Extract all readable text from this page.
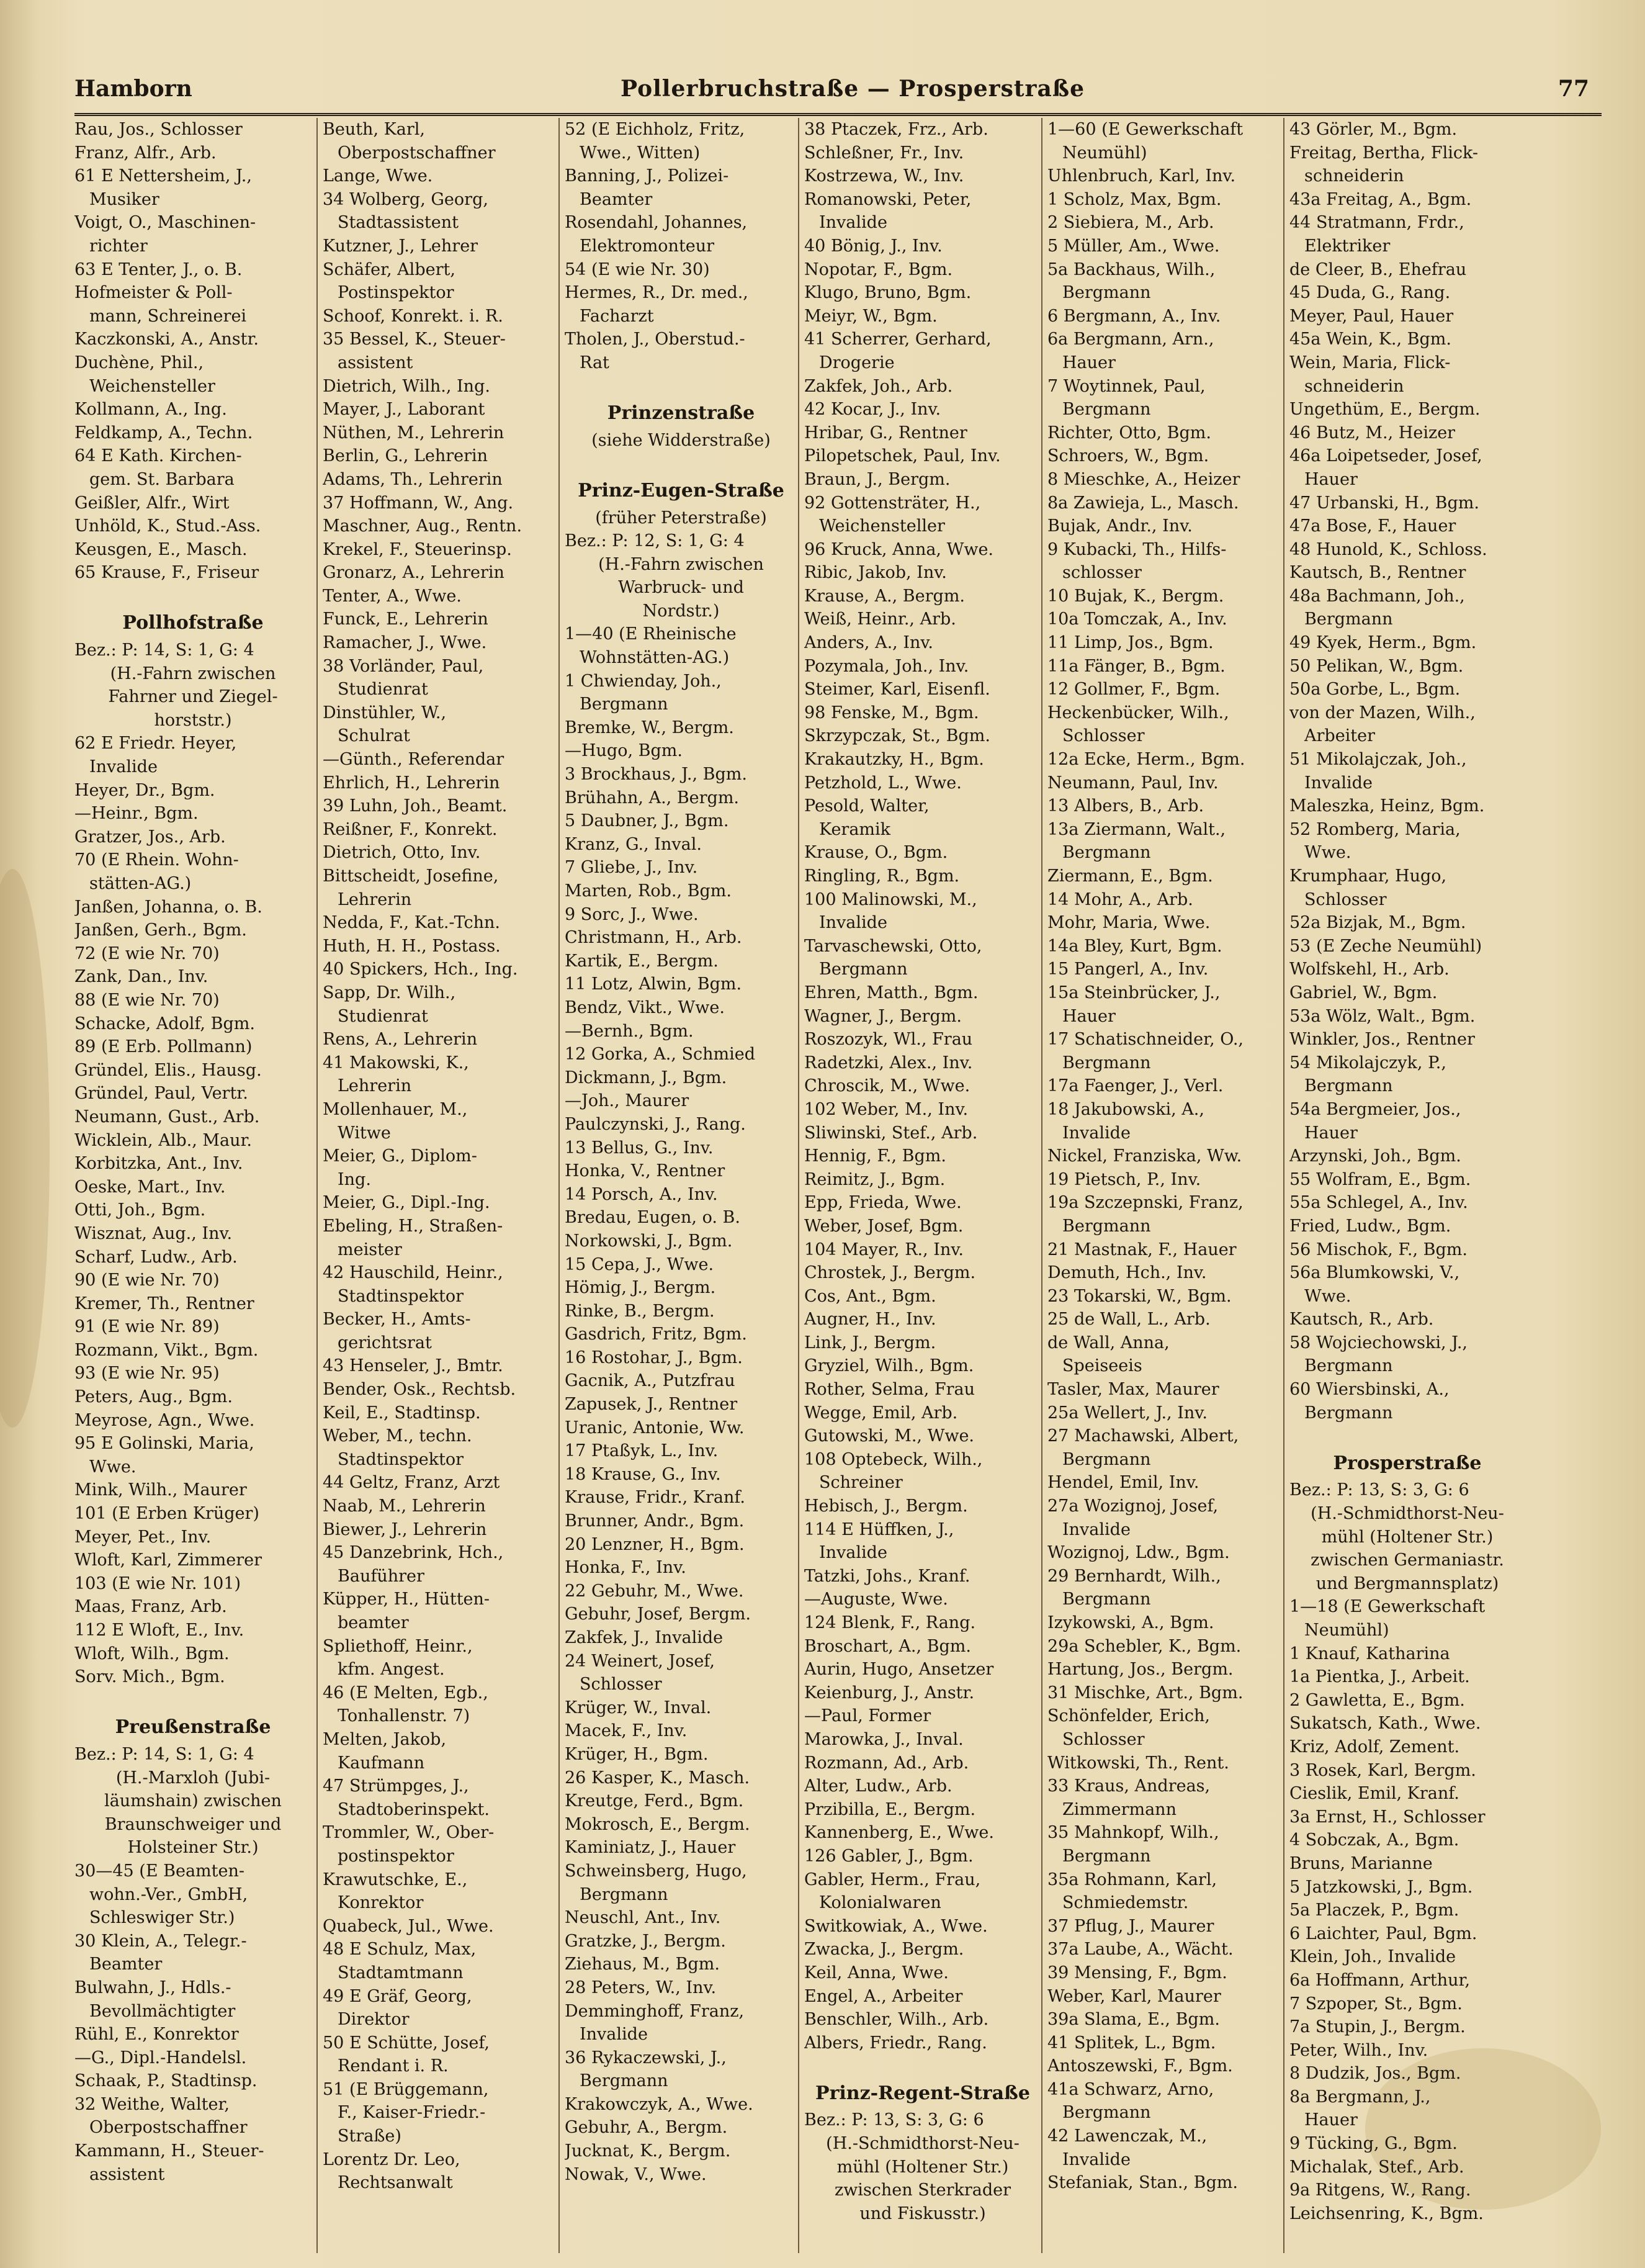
Hamborn	Pollerbruchstraße — Prosperstraße	77
Rau, Jos., Schlosser
Franz, Alfr., Arb.
61 E Nettersheim, J.,
Musiker
Voigt, O., Maschinen-
richter
63 E Tenter, J., o. B.
Hofmeister & Poll-
mann, Schreinerei
Kaczkonski, A., Anstr.
Duchène, Phil.,
Weichensteller
Kollmann, A., Ing.
Feldkamp, A., Techn.
64 E Kath. Kirchen-
gem. St. Barbara
Geißler, Alfr., Wirt
Unhöld, K., Stud.-Ass.
Keusgen, E., Masch.
65 Krause, F., Friseur
Pollhofstraße
Bez.: P: 14, S: 1, G: 4
(H.-Fahrn zwischen
Fahrner und Ziegel-
horststr.)
62 E Friedr. Heyer,
Invalide
Heyer, Dr., Bgm.
—Heinr., Bgm.
Gratzer, Jos., Arb.
70 (E Rhein. Wohn-
stätten-AG.)
Janßen, Johanna, o. B.
Janßen, Gerh., Bgm.
72 (E wie Nr. 70)
Zank, Dan., Inv.
88 (E wie Nr. 70)
Schacke, Adolf, Bgm.
89 (E Erb. Pollmann)
Gründel, Elis., Hausg.
Gründel, Paul, Vertr.
Neumann, Gust., Arb.
Wicklein, Alb., Maur.
Korbitzka, Ant., Inv.
Oeske, Mart., Inv.
Otti, Joh., Bgm.
Wisznat, Aug., Inv.
Scharf, Ludw., Arb.
90 (E wie Nr. 70)
Kremer, Th., Rentner
91 (E wie Nr. 89)
Rozmann, Vikt., Bgm.
93 (E wie Nr. 95)
Peters, Aug., Bgm.
Meyrose, Agn., Wwe.
95 E Golinski, Maria,
Wwe.
Mink, Wilh., Maurer
101 (E Erben Krüger)
Meyer, Pet., Inv.
Wloft, Karl, Zimmerer
103 (E wie Nr. 101)
Maas, Franz, Arb.
112 E Wloft, E., Inv.
Wloft, Wilh., Bgm.
Sorv. Mich., Bgm.
Preußenstraße
Bez.: P: 14, S: 1, G: 4
(H.-Marxloh (Jubi-
läumshain) zwischen
Braunschweiger und
Holsteiner Str.)
30—45 (E Beamten-
wohn.-Ver., GmbH,
Schleswiger Str.)
30 Klein, A., Telegr.-
Beamter
Bulwahn, J., Hdls.-
Bevollmächtigter
Rühl, E., Konrektor
—G., Dipl.-Handelsl.
Schaak, P., Stadtinsp.
32 Weithe, Walter,
Oberpostschaffner
Kammann, H., Steuer-
assistent
Beuth, Karl,
Oberpostschaffner
Lange, Wwe.
34 Wolberg, Georg,
Stadtassistent
Kutzner, J., Lehrer
Schäfer, Albert,
Postinspektor
Schoof, Konrekt. i. R.
35 Bessel, K., Steuer-
assistent
Dietrich, Wilh., Ing.
Mayer, J., Laborant
Nüthen, M., Lehrerin
Berlin, G., Lehrerin
Adams, Th., Lehrerin
37 Hoffmann, W., Ang.
Maschner, Aug., Rentn.
Krekel, F., Steuerinsp.
Gronarz, A., Lehrerin
Tenter, A., Wwe.
Funck, E., Lehrerin
Ramacher, J., Wwe.
38 Vorländer, Paul,
Studienrat
Dinstühler, W.,
Schulrat
—Günth., Referendar
Ehrlich, H., Lehrerin
39 Luhn, Joh., Beamt.
Reißner, F., Konrekt.
Dietrich, Otto, Inv.
Bittscheidt, Josefine,
Lehrerin
Nedda, F., Kat.-Tchn.
Huth, H. H., Postass.
40 Spickers, Hch., Ing.
Sapp, Dr. Wilh.,
Studienrat
Rens, A., Lehrerin
41 Makowski, K.,
Lehrerin
Mollenhauer, M.,
Witwe
Meier, G., Diplom-
Ing.
Meier, G., Dipl.-Ing.
Ebeling, H., Straßen-
meister
42 Hauschild, Heinr.,
Stadtinspektor
Becker, H., Amts-
gerichtsrat
43 Henseler, J., Bmtr.
Bender, Osk., Rechtsb.
Keil, E., Stadtinsp.
Weber, M., techn.
Stadtinspektor
44 Geltz, Franz, Arzt
Naab, M., Lehrerin
Biewer, J., Lehrerin
45 Danzebrink, Hch.,
Bauführer
Küpper, H., Hütten-
beamter
Spliethoff, Heinr.,
kfm. Angest.
46 (E Melten, Egb.,
Tonhallenstr. 7)
Melten, Jakob,
Kaufmann
47 Strümpges, J.,
Stadtoberinspekt.
Trommler, W., Ober-
postinspektor
Krawutschke, E.,
Konrektor
Quabeck, Jul., Wwe.
48 E Schulz, Max,
Stadtamtmann
49 E Gräf, Georg,
Direktor
50 E Schütte, Josef,
Rendant i. R.
51 (E Brüggemann,
F., Kaiser-Friedr.-
Straße)
Lorentz Dr. Leo,
Rechtsanwalt
52 (E Eichholz, Fritz,
Wwe., Witten)
Banning, J., Polizei-
Beamter
Rosendahl, Johannes,
Elektromonteur
54 (E wie Nr. 30)
Hermes, R., Dr. med.,
Facharzt
Tholen, J., Oberstud.-
Rat
Prinzenstraße
(siehe Widderstraße)
Prinz-Eugen-Straße
(früher Peterstraße)
Bez.: P: 12, S: 1, G: 4
(H.-Fahrn zwischen
Warbruck- und
Nordstr.)
1—40 (E Rheinische
Wohnstätten-AG.)
1 Chwienday, Joh.,
Bergmann
Bremke, W., Bergm.
—Hugo, Bgm.
3 Brockhaus, J., Bgm.
Brühahn, A., Bergm.
5 Daubner, J., Bgm.
Kranz, G., Inval.
7 Gliebe, J., Inv.
Marten, Rob., Bgm.
9 Sorc, J., Wwe.
Christmann, H., Arb.
Kartik, E., Bergm.
11 Lotz, Alwin, Bgm.
Bendz, Vikt., Wwe.
—Bernh., Bgm.
12 Gorka, A., Schmied
Dickmann, J., Bgm.
—Joh., Maurer
Paulczynski, J., Rang.
13 Bellus, G., Inv.
Honka, V., Rentner
14 Porsch, A., Inv.
Bredau, Eugen, o. B.
Norkowski, J., Bgm.
15 Cepa, J., Wwe.
Hömig, J., Bergm.
Rinke, B., Bergm.
Gasdrich, Fritz, Bgm.
16 Rostohar, J., Bgm.
Gacnik, A., Putzfrau
Zapusek, J., Rentner
Uranic, Antonie, Ww.
17 Ptaßyk, L., Inv.
18 Krause, G., Inv.
Krause, Fridr., Kranf.
Brunner, Andr., Bgm.
20 Lenzner, H., Bgm.
Honka, F., Inv.
22 Gebuhr, M., Wwe.
Gebuhr, Josef, Bergm.
Zakfek, J., Invalide
24 Weinert, Josef,
Schlosser
Krüger, W., Inval.
Macek, F., Inv.
Krüger, H., Bgm.
26 Kasper, K., Masch.
Kreutge, Ferd., Bgm.
Mokrosch, E., Bergm.
Kaminiatz, J., Hauer
Schweinsberg, Hugo,
Bergmann
Neuschl, Ant., Inv.
Gratzke, J., Bergm.
Ziehaus, M., Bgm.
28 Peters, W., Inv.
Demminghoff, Franz,
Invalide
36 Rykaczewski, J.,
Bergmann
Krakowczyk, A., Wwe.
Gebuhr, A., Bergm.
Jucknat, K., Bergm.
Nowak, V., Wwe.
38 Ptaczek, Frz., Arb.
Schleßner, Fr., Inv.
Kostrzewa, W., Inv.
Romanowski, Peter,
Invalide
40 Bönig, J., Inv.
Nopotar, F., Bgm.
Klugo, Bruno, Bgm.
Meiyr, W., Bgm.
41 Scherrer, Gerhard,
Drogerie
Zakfek, Joh., Arb.
42 Kocar, J., Inv.
Hribar, G., Rentner
Pilopetschek, Paul, Inv.
Braun, J., Bergm.
92 Gottensträter, H.,
Weichensteller
96 Kruck, Anna, Wwe.
Ribic, Jakob, Inv.
Krause, A., Bergm.
Weiß, Heinr., Arb.
Anders, A., Inv.
Pozymala, Joh., Inv.
Steimer, Karl, Eisenfl.
98 Fenske, M., Bgm.
Skrzypczak, St., Bgm.
Krakautzky, H., Bgm.
Petzhold, L., Wwe.
Pesold, Walter,
Keramik
Krause, O., Bgm.
Ringling, R., Bgm.
100 Malinowski, M.,
Invalide
Tarvaschewski, Otto,
Bergmann
Ehren, Matth., Bgm.
Wagner, J., Bergm.
Roszozyk, Wl., Frau
Radetzki, Alex., Inv.
Chroscik, M., Wwe.
102 Weber, M., Inv.
Sliwinski, Stef., Arb.
Hennig, F., Bgm.
Reimitz, J., Bgm.
Epp, Frieda, Wwe.
Weber, Josef, Bgm.
104 Mayer, R., Inv.
Chrostek, J., Bergm.
Cos, Ant., Bgm.
Augner, H., Inv.
Link, J., Bergm.
Gryziel, Wilh., Bgm.
Rother, Selma, Frau
Wegge, Emil, Arb.
Gutowski, M., Wwe.
108 Optebeck, Wilh.,
Schreiner
Hebisch, J., Bergm.
114 E Hüffken, J.,
Invalide
Tatzki, Johs., Kranf.
—Auguste, Wwe.
124 Blenk, F., Rang.
Broschart, A., Bgm.
Aurin, Hugo, Ansetzer
Keienburg, J., Anstr.
—Paul, Former
Marowka, J., Inval.
Rozmann, Ad., Arb.
Alter, Ludw., Arb.
Przibilla, E., Bergm.
Kannenberg, E., Wwe.
126 Gabler, J., Bgm.
Gabler, Herm., Frau,
Kolonialwaren
Switkowiak, A., Wwe.
Zwacka, J., Bergm.
Keil, Anna, Wwe.
Engel, A., Arbeiter
Benschler, Wilh., Arb.
Albers, Friedr., Rang.
Prinz-Regent-Straße
Bez.: P: 13, S: 3, G: 6
(H.-Schmidthorst-Neu-
mühl (Holtener Str.)
zwischen Sterkrader
und Fiskusstr.)
1—60 (E Gewerkschaft
Neumühl)
Uhlenbruch, Karl, Inv.
1 Scholz, Max, Bgm.
2 Siebiera, M., Arb.
5 Müller, Am., Wwe.
5a Backhaus, Wilh.,
Bergmann
6 Bergmann, A., Inv.
6a Bergmann, Arn.,
Hauer
7 Woytinnek, Paul,
Bergmann
Richter, Otto, Bgm.
Schroers, W., Bgm.
8 Mieschke, A., Heizer
8a Zawieja, L., Masch.
Bujak, Andr., Inv.
9 Kubacki, Th., Hilfs-
schlosser
10 Bujak, K., Bergm.
10a Tomczak, A., Inv.
11 Limp, Jos., Bgm.
11a Fänger, B., Bgm.
12 Gollmer, F., Bgm.
Heckenbücker, Wilh.,
Schlosser
12a Ecke, Herm., Bgm.
Neumann, Paul, Inv.
13 Albers, B., Arb.
13a Ziermann, Walt.,
Bergmann
Ziermann, E., Bgm.
14 Mohr, A., Arb.
Mohr, Maria, Wwe.
14a Bley, Kurt, Bgm.
15 Pangerl, A., Inv.
15a Steinbrücker, J.,
Hauer
17 Schatischneider, O.,
Bergmann
17a Faenger, J., Verl.
18 Jakubowski, A.,
Invalide
Nickel, Franziska, Ww.
19 Pietsch, P., Inv.
19a Szczepnski, Franz,
Bergmann
21 Mastnak, F., Hauer
Demuth, Hch., Inv.
23 Tokarski, W., Bgm.
25 de Wall, L., Arb.
de Wall, Anna,
Speiseeis
Tasler, Max, Maurer
25a Wellert, J., Inv.
27 Machawski, Albert,
Bergmann
Hendel, Emil, Inv.
27a Wozignoj, Josef,
Invalide
Wozignoj, Ldw., Bgm.
29 Bernhardt, Wilh.,
Bergmann
Izykowski, A., Bgm.
29a Schebler, K., Bgm.
Hartung, Jos., Bergm.
31 Mischke, Art., Bgm.
Schönfelder, Erich,
Schlosser
Witkowski, Th., Rent.
33 Kraus, Andreas,
Zimmermann
35 Mahnkopf, Wilh.,
Bergmann
35a Rohmann, Karl,
Schmiedemstr.
37 Pflug, J., Maurer
37a Laube, A., Wächt.
39 Mensing, F., Bgm.
Weber, Karl, Maurer
39a Slama, E., Bgm.
41 Splitek, L., Bgm.
Antoszewski, F., Bgm.
41a Schwarz, Arno,
Bergmann
42 Lawenczak, M.,
Invalide
Stefaniak, Stan., Bgm.
43 Görler, M., Bgm.
Freitag, Bertha, Flick-
schneiderin
43a Freitag, A., Bgm.
44 Stratmann, Frdr.,
Elektriker
de Cleer, B., Ehefrau
45 Duda, G., Rang.
Meyer, Paul, Hauer
45a Wein, K., Bgm.
Wein, Maria, Flick-
schneiderin
Ungethüm, E., Bergm.
46 Butz, M., Heizer
46a Loipetseder, Josef,
Hauer
47 Urbanski, H., Bgm.
47a Bose, F., Hauer
48 Hunold, K., Schloss.
Kautsch, B., Rentner
48a Bachmann, Joh.,
Bergmann
49 Kyek, Herm., Bgm.
50 Pelikan, W., Bgm.
50a Gorbe, L., Bgm.
von der Mazen, Wilh.,
Arbeiter
51 Mikolajczak, Joh.,
Invalide
Maleszka, Heinz, Bgm.
52 Romberg, Maria,
Wwe.
Krumphaar, Hugo,
Schlosser
52a Bizjak, M., Bgm.
53 (E Zeche Neumühl)
Wolfskehl, H., Arb.
Gabriel, W., Bgm.
53a Wölz, Walt., Bgm.
Winkler, Jos., Rentner
54 Mikolajczyk, P.,
Bergmann
54a Bergmeier, Jos.,
Hauer
Arzynski, Joh., Bgm.
55 Wolfram, E., Bgm.
55a Schlegel, A., Inv.
Fried, Ludw., Bgm.
56 Mischok, F., Bgm.
56a Blumkowski, V.,
Wwe.
Kautsch, R., Arb.
58 Wojciechowski, J.,
Bergmann
60 Wiersbinski, A.,
Bergmann
Prosperstraße
Bez.: P: 13, S: 3, G: 6
(H.-Schmidthorst-Neu-
mühl (Holtener Str.)
zwischen Germaniastr.
und Bergmannsplatz)
1—18 (E Gewerkschaft
Neumühl)
1 Knauf, Katharina
1a Pientka, J., Arbeit.
2 Gawletta, E., Bgm.
Sukatsch, Kath., Wwe.
Kriz, Adolf, Zement.
3 Rosek, Karl, Bergm.
Cieslik, Emil, Kranf.
3a Ernst, H., Schlosser
4 Sobczak, A., Bgm.
Bruns, Marianne
5 Jatzkowski, J., Bgm.
5a Placzek, P., Bgm.
6 Laichter, Paul, Bgm.
Klein, Joh., Invalide
6a Hoffmann, Arthur,
7 Szpoper, St., Bgm.
7a Stupin, J., Bergm.
Peter, Wilh., Inv.
8 Dudzik, Jos., Bgm.
8a Bergmann, J.,
Hauer
9 Tücking, G., Bgm.
Michalak, Stef., Arb.
9a Ritgens, W., Rang.
Leichsenring, K., Bgm.
